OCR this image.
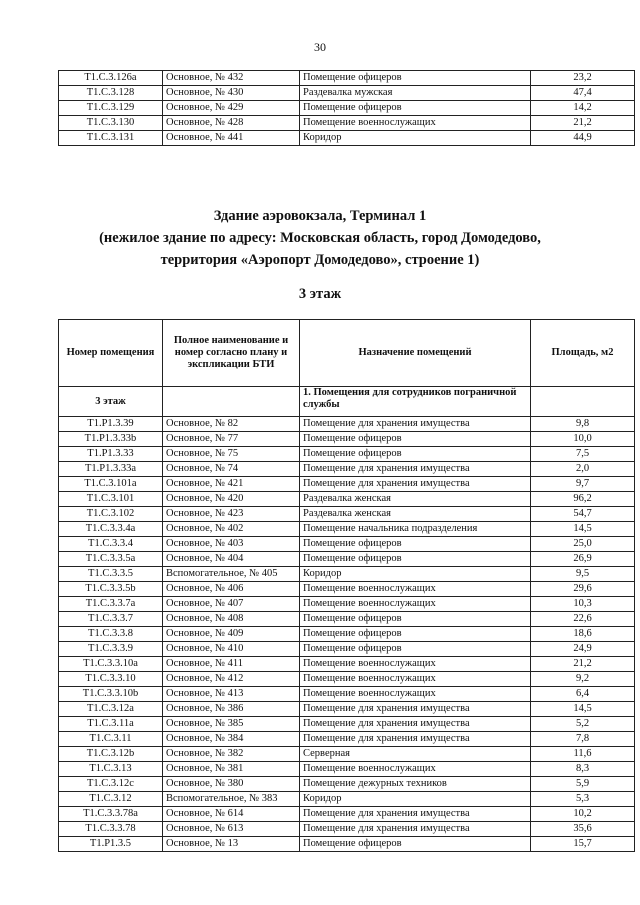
30
Т1.С.3.126а	Основное, № 432	Помещение офицеров	23,2
Т1.С.3.128	Основное, № 430	Раздевалка мужская	47,4
Т1.С.3.129	Основное, № 429	Помещение офицеров	14,2
Т1.С.3.130	Основное, № 428	Помещение военнослужащих	21,2
Т1.С.3.131	Основное, № 441	Коридор	44,9
Здание аэровокзала, Терминал 1
(нежилое здание по адресу: Московская область, город Домодедово,
территория «Аэропорт Домодедово», строение 1)
3 этаж
Номер помещения	Полное наименование и номер согласно плану и экспликации БТИ	Назначение помещений	Площадь, м2
3 этаж		1. Помещения для сотрудников пограничной службы	
Т1.Р1.3.39	Основное, № 82	Помещение для хранения имущества	9,8
Т1.Р1.3.33b	Основное, № 77	Помещение офицеров	10,0
Т1.Р1.3.33	Основное, № 75	Помещение офицеров	7,5
Т1.Р1.3.33а	Основное, № 74	Помещение для хранения имущества	2,0
Т1.С.3.101а	Основное, № 421	Помещение для хранения имущества	9,7
Т1.С.3.101	Основное, № 420	Раздевалка женская	96,2
Т1.С.3.102	Основное, № 423	Раздевалка женская	54,7
Т1.С.3.3.4а	Основное, № 402	Помещение начальника подразделения	14,5
Т1.С.3.3.4	Основное, № 403	Помещение офицеров	25,0
Т1.С.3.3.5а	Основное, № 404	Помещение офицеров	26,9
Т1.С.3.3.5	Вспомогательное, № 405	Коридор	9,5
Т1.С.3.3.5b	Основное, № 406	Помещение военнослужащих	29,6
Т1.С.3.3.7а	Основное, № 407	Помещение военнослужащих	10,3
Т1.С.3.3.7	Основное, № 408	Помещение офицеров	22,6
Т1.С.3.3.8	Основное, № 409	Помещение офицеров	18,6
Т1.С.3.3.9	Основное, № 410	Помещение офицеров	24,9
Т1.С.3.3.10а	Основное, № 411	Помещение военнослужащих	21,2
Т1.С.3.3.10	Основное, № 412	Помещение военнослужащих	9,2
Т1.С.3.3.10b	Основное, № 413	Помещение военнослужащих	6,4
Т1.С.3.12а	Основное, № 386	Помещение для хранения имущества	14,5
Т1.С.3.11а	Основное, № 385	Помещение для хранения имущества	5,2
Т1.С.3.11	Основное, № 384	Помещение для хранения имущества	7,8
Т1.С.3.12b	Основное, № 382	Серверная	11,6
Т1.С.3.13	Основное, № 381	Помещение военнослужащих	8,3
Т1.С.3.12с	Основное, № 380	Помещение дежурных техников	5,9
Т1.С.3.12	Вспомогательное, № 383	Коридор	5,3
Т1.С.3.3.78а	Основное, № 614	Помещение для хранения имущества	10,2
Т1.С.3.3.78	Основное, № 613	Помещение для хранения имущества	35,6
Т1.Р1.3.5	Основное, № 13	Помещение офицеров	15,7
